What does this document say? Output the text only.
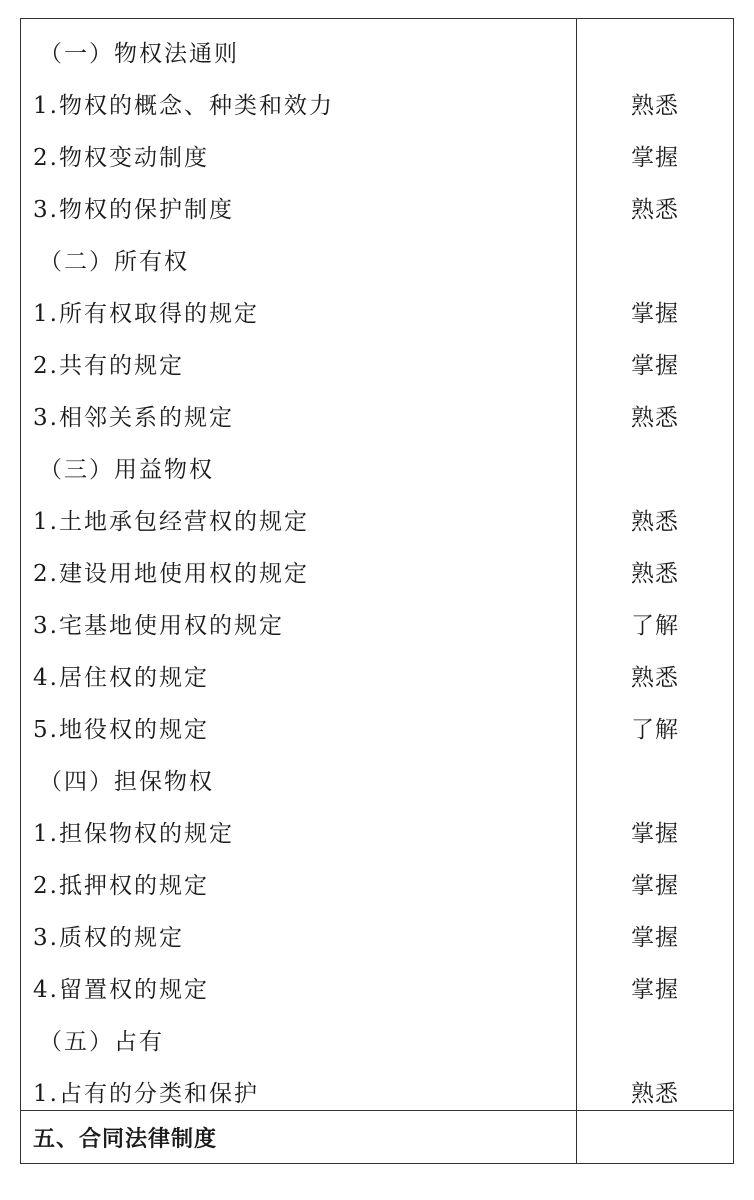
（一）物权法通则
1.物权的概念、种类和效力
2.物权变动制度
3.物权的保护制度
（二）所有权
1.所有权取得的规定
2.共有的规定
3.相邻关系的规定
（三）用益物权
1.土地承包经营权的规定
2.建设用地使用权的规定
3.宅基地使用权的规定
4.居住权的规定
5.地役权的规定
（四）担保物权
1.担保物权的规定
2.抵押权的规定
3.质权的规定
4.留置权的规定
（五）占有
1.占有的分类和保护
熟悉
掌握
熟悉
掌握
掌握
熟悉
熟悉
熟悉
了解
熟悉
了解
掌握
掌握
掌握
掌握
熟悉
五、合同法律制度
